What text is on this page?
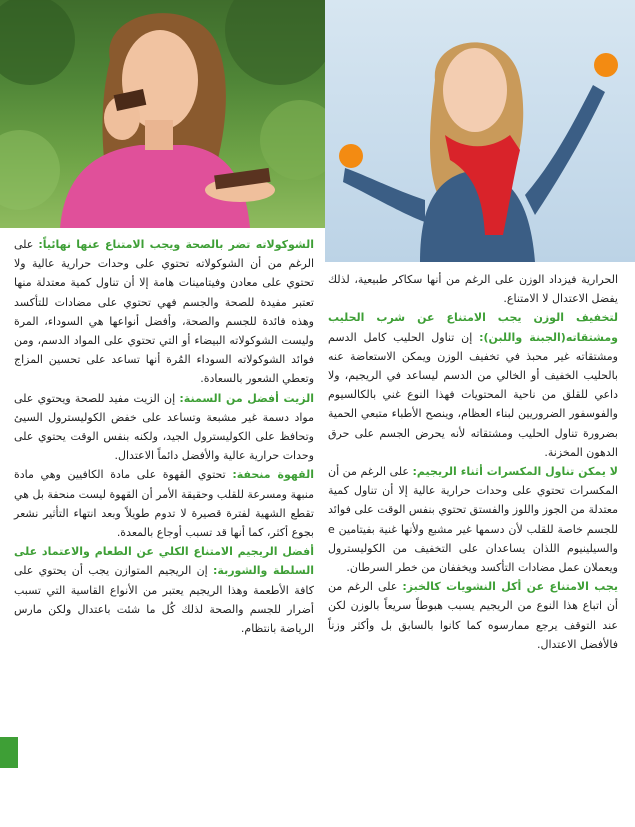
الشوكولاته تضر بالصحة ويجب الامتناع عنها نهائياً: على الرغم من أن الشوكولاته تحتوي على وحدات حرارية عالية ولا تحتوي على معادن وفيتامينات هامة إلا أن تناول كمية معتدلة منها تعتبر مفيدة للصحة والجسم فهي تحتوي على مضادات للتأكسد وهذه فائدة للجسم والصحة، وأفضل أنواعها هي السوداء، المرة وليست الشوكولاته البيضاء أو التي تحتوي على المواد الدسم، ومن فوائد الشوكولاته السوداء المُرة أنها تساعد على تحسين المزاج وتعطي الشعور بالسعادة.

الزيت أفضل من السمنة: إن الزيت مفيد للصحة ويحتوي على مواد دسمة غير مشبعة وتساعد على خفض الكوليسترول السيئ وتحافظ على الكوليسترول الجيد، ولكنه بنفس الوقت يحتوي على وحدات حرارية عالية والأفضل دائماً الاعتدال.

القهوة منحفة: تحتوي القهوة على مادة الكافيين وهي مادة منبهة ومسرعة للقلب وحقيقة الأمر أن القهوة ليست منحفة بل هي تقطع الشهية لفترة قصيرة لا تدوم طويلاً وبعد انتهاء التأثير نشعر بجوع أكثر، كما أنها قد تسبب أوجاع بالمعدة.

أفضل الريجيم الامتناع الكلي عن الطعام والاعتماد على السلطة والشوربة: إن الريجيم المتوازن يجب أن يحتوي على كافة الأطعمة وهذا الريجيم يعتبر من الأنواع القاسية التي تسبب أضرار للجسم والصحة لذلك كُل ما شئت باعتدال ولكن مارس الرياضة بانتظام.

الحرارية فيزداد الوزن على الرغم من أنها سكاكر طبيعية، لذلك يفضل الاعتدال لا الامتناع.

لتخفيف الوزن يجب الامتناع عن شرب الحليب ومشتقاته(الجبنة واللبن): إن تناول الحليب كامل الدسم ومشتقاته غير محبذ في تخفيف الوزن ويمكن الاستعاضة عنه بالحليب الخفيف أو الخالي من الدسم ليساعد في الريجيم، ولا داعي للقلق من ناحية المحتويات فهذا النوع غني بالكالسيوم والفوسفور الضروريين لبناء العظام، وينصح الأطباء متبعي الحمية بضرورة تناول الحليب ومشتقاته لأنه يحرض الجسم على حرق الدهون المخزنة.

لا يمكن تناول المكسرات أثناء الريجيم: على الرغم من أن المكسرات تحتوي على وحدات حرارية عالية إلا أن تناول كمية معتدلة من الجوز واللوز والفستق تحتوي بنفس الوقت على فوائد للجسم خاصة للقلب لأن دسمها غير مشبع ولأنها غنية بفيتامين e والسيلينيوم اللذان يساعدان على التخفيف من الكوليسترول ويعملان عمل مضادات التأكسد ويخففان من خطر السرطان.

يجب الامتناع عن أكل النشويات كالخبز: على الرغم من أن اتباع هذا النوع من الريجيم يسبب هبوطاً سريعاً بالوزن لكن عند التوقف يرجع ممارسوه كما كانوا بالسابق بل وأكثر وزناً فالأفضل الاعتدال.
